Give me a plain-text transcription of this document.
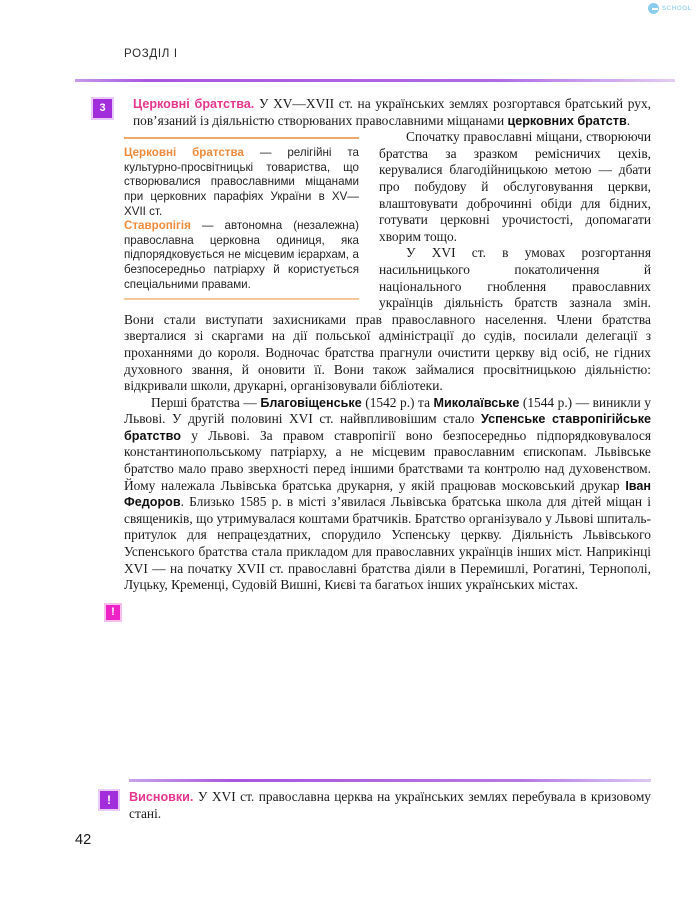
SCHOOL
РОЗДІЛ І
3	Церковні братства. У XV—XVII ст. на українських землях розгортався братський рух, пов’язаний із діяльністю створюваних православними міщанами церковних братств.

Церковні братства — релігійні та культурно-просвітницькі товариства, що створювалися православними міщанами при церковних парафіях України в XV—XVII ст.

Ставропігія — автономна (незалежна) православна церковна одиниця, яка підпорядковується не місцевим ієрархам, а безпосередньо патріарху й користується спеціальними правами.

Спочатку православні міщани, створюючи братства за зразком ремісничих цехів, керувалися благодійницькою метою — дбати про побудову й обслуговування церкви, влаштовувати доброчинні обіди для бідних, готувати церковні урочистості, допомагати хворим тощо.

У XVI ст. в умовах розгортання насильницького покатоличення й національного гноблення православних українців діяльність братств зазнала змін. Вони стали виступати захисниками прав православного населення. Члени братства зверталися зі скаргами на дії польської адміністрації до судів, посилали делегації з проханнями до короля. Водночас братства прагнули очистити церкву від осіб, не гідних духовного звання, й оновити її. Вони також займалися просвітницькою діяльністю: відкривали школи, друкарні, організовували бібліотеки.

Перші братства — Благовіщенське (1542 р.) та Миколаївське (1544 р.) — виникли у Львові. У другій половині XVI ст. найвпливовішим стало Успенське ставропігійське братство у Львові. За правом ставропігії воно безпосередньо підпорядковувалося константинопольському патріарху, а не місцевим православним єпископам. Львівське братство мало право зверхності перед іншими братствами та контролю над духовенством. Йому належала Львівська братська друкарня, у якій працював московський друкар Іван Федоров. Близько 1585 р. в місті з’явилася Львівська братська школа для дітей міщан і священиків, що утримувалася коштами братчиків. Братство організувало у Львові шпиталь-притулок для непрацездатних, спорудило Успенську церкву. Діяльність Львівського Успенського братства стала прикладом для православних українців інших міст. Наприкінці XVI — на початку XVII ст. православні братства діяли в Перемишлі, Рогатині, Тернополі, Луцьку, Кременці, Судовій Вишні, Києві та багатьох інших українських містах.

!
!	Висновки. У XVI ст. православна церква на українських землях перебувала в кризовому стані.

42
